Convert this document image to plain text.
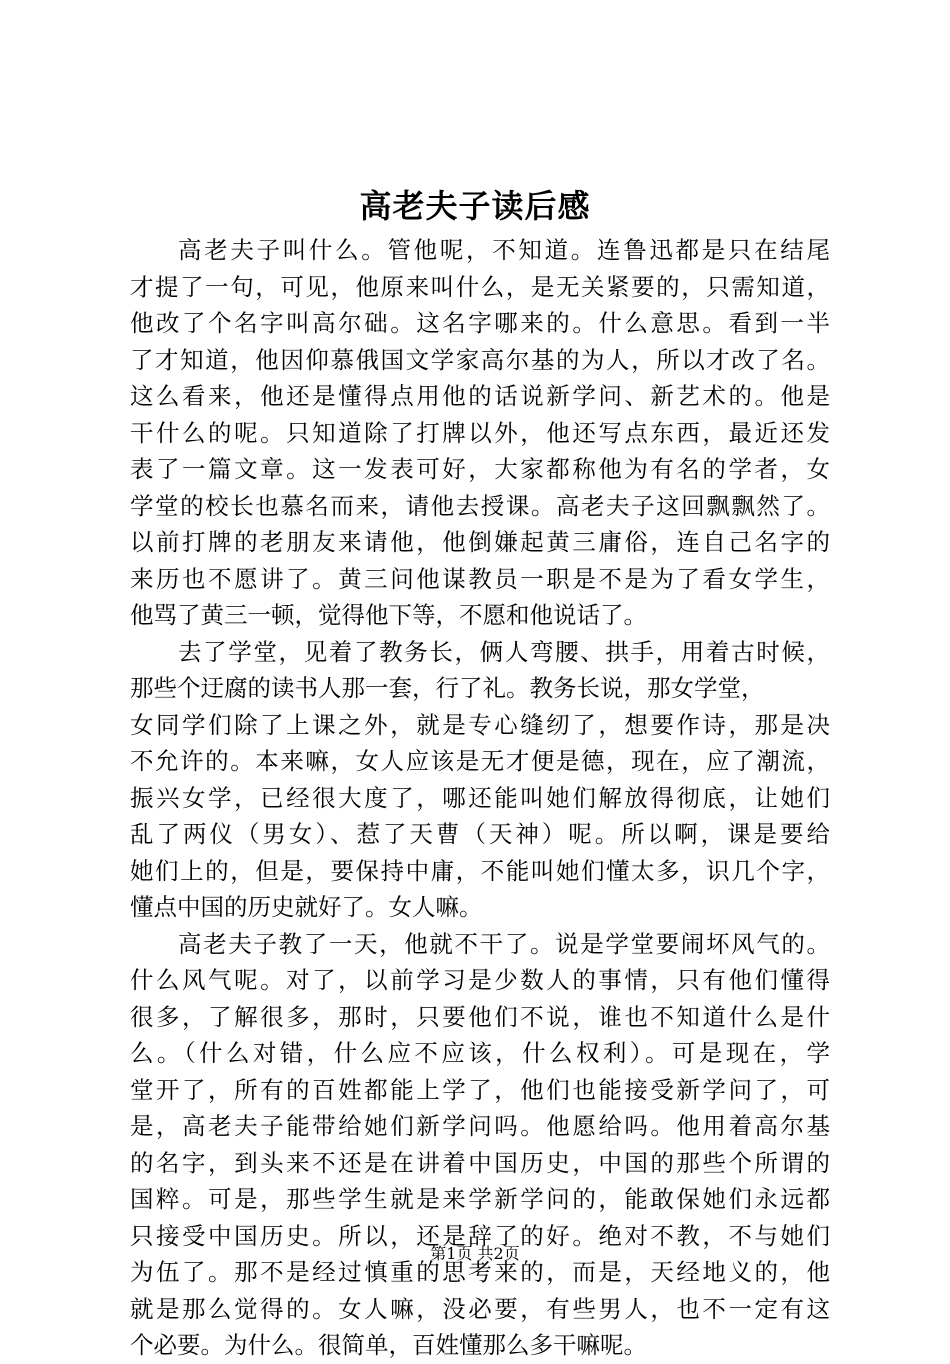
高老夫子读后感
高老夫子叫什么。管他呢，不知道。连鲁迅都是只在结尾
才提了一句，可见，他原来叫什么，是无关紧要的，只需知道，
他改了个名字叫高尔础。这名字哪来的。什么意思。看到一半
了才知道，他因仰慕俄国文学家高尔基的为人，所以才改了名。
这么看来，他还是懂得点用他的话说新学问、新艺术的。他是
干什么的呢。只知道除了打牌以外，他还写点东西，最近还发
表了一篇文章。这一发表可好，大家都称他为有名的学者，女
学堂的校长也慕名而来，请他去授课。高老夫子这回飘飘然了。
以前打牌的老朋友来请他，他倒嫌起黄三庸俗，连自己名字的
来历也不愿讲了。黄三问他谋教员一职是不是为了看女学生，
他骂了黄三一顿，觉得他下等，不愿和他说话了。
去了学堂，见着了教务长，俩人弯腰、拱手，用着古时候，
那些个迂腐的读书人那一套，行了礼。教务长说，那女学堂，
女同学们除了上课之外，就是专心缝纫了，想要作诗，那是决
不允许的。本来嘛，女人应该是无才便是德，现在，应了潮流，
振兴女学，已经很大度了，哪还能叫她们解放得彻底，让她们
乱了两仪（男女）、惹了天曹（天神）呢。所以啊，课是要给
她们上的，但是，要保持中庸，不能叫她们懂太多，识几个字，
懂点中国的历史就好了。女人嘛。
高老夫子教了一天，他就不干了。说是学堂要闹坏风气的。
什么风气呢。对了，以前学习是少数人的事情，只有他们懂得
很多，了解很多，那时，只要他们不说，谁也不知道什么是什
么。（什么对错，什么应不应该，什么权利）。可是现在，学
堂开了，所有的百姓都能上学了，他们也能接受新学问了，可
是，高老夫子能带给她们新学问吗。他愿给吗。他用着高尔基
的名字，到头来不还是在讲着中国历史，中国的那些个所谓的
国粹。可是，那些学生就是来学新学问的，能敢保她们永远都
只接受中国历史。所以，还是辞了的好。绝对不教，不与她们
为伍了。那不是经过慎重的思考来的，而是，天经地义的，他
就是那么觉得的。女人嘛，没必要，有些男人，也不一定有这
个必要。为什么。很简单，百姓懂那么多干嘛呢。
第1页 共2页
